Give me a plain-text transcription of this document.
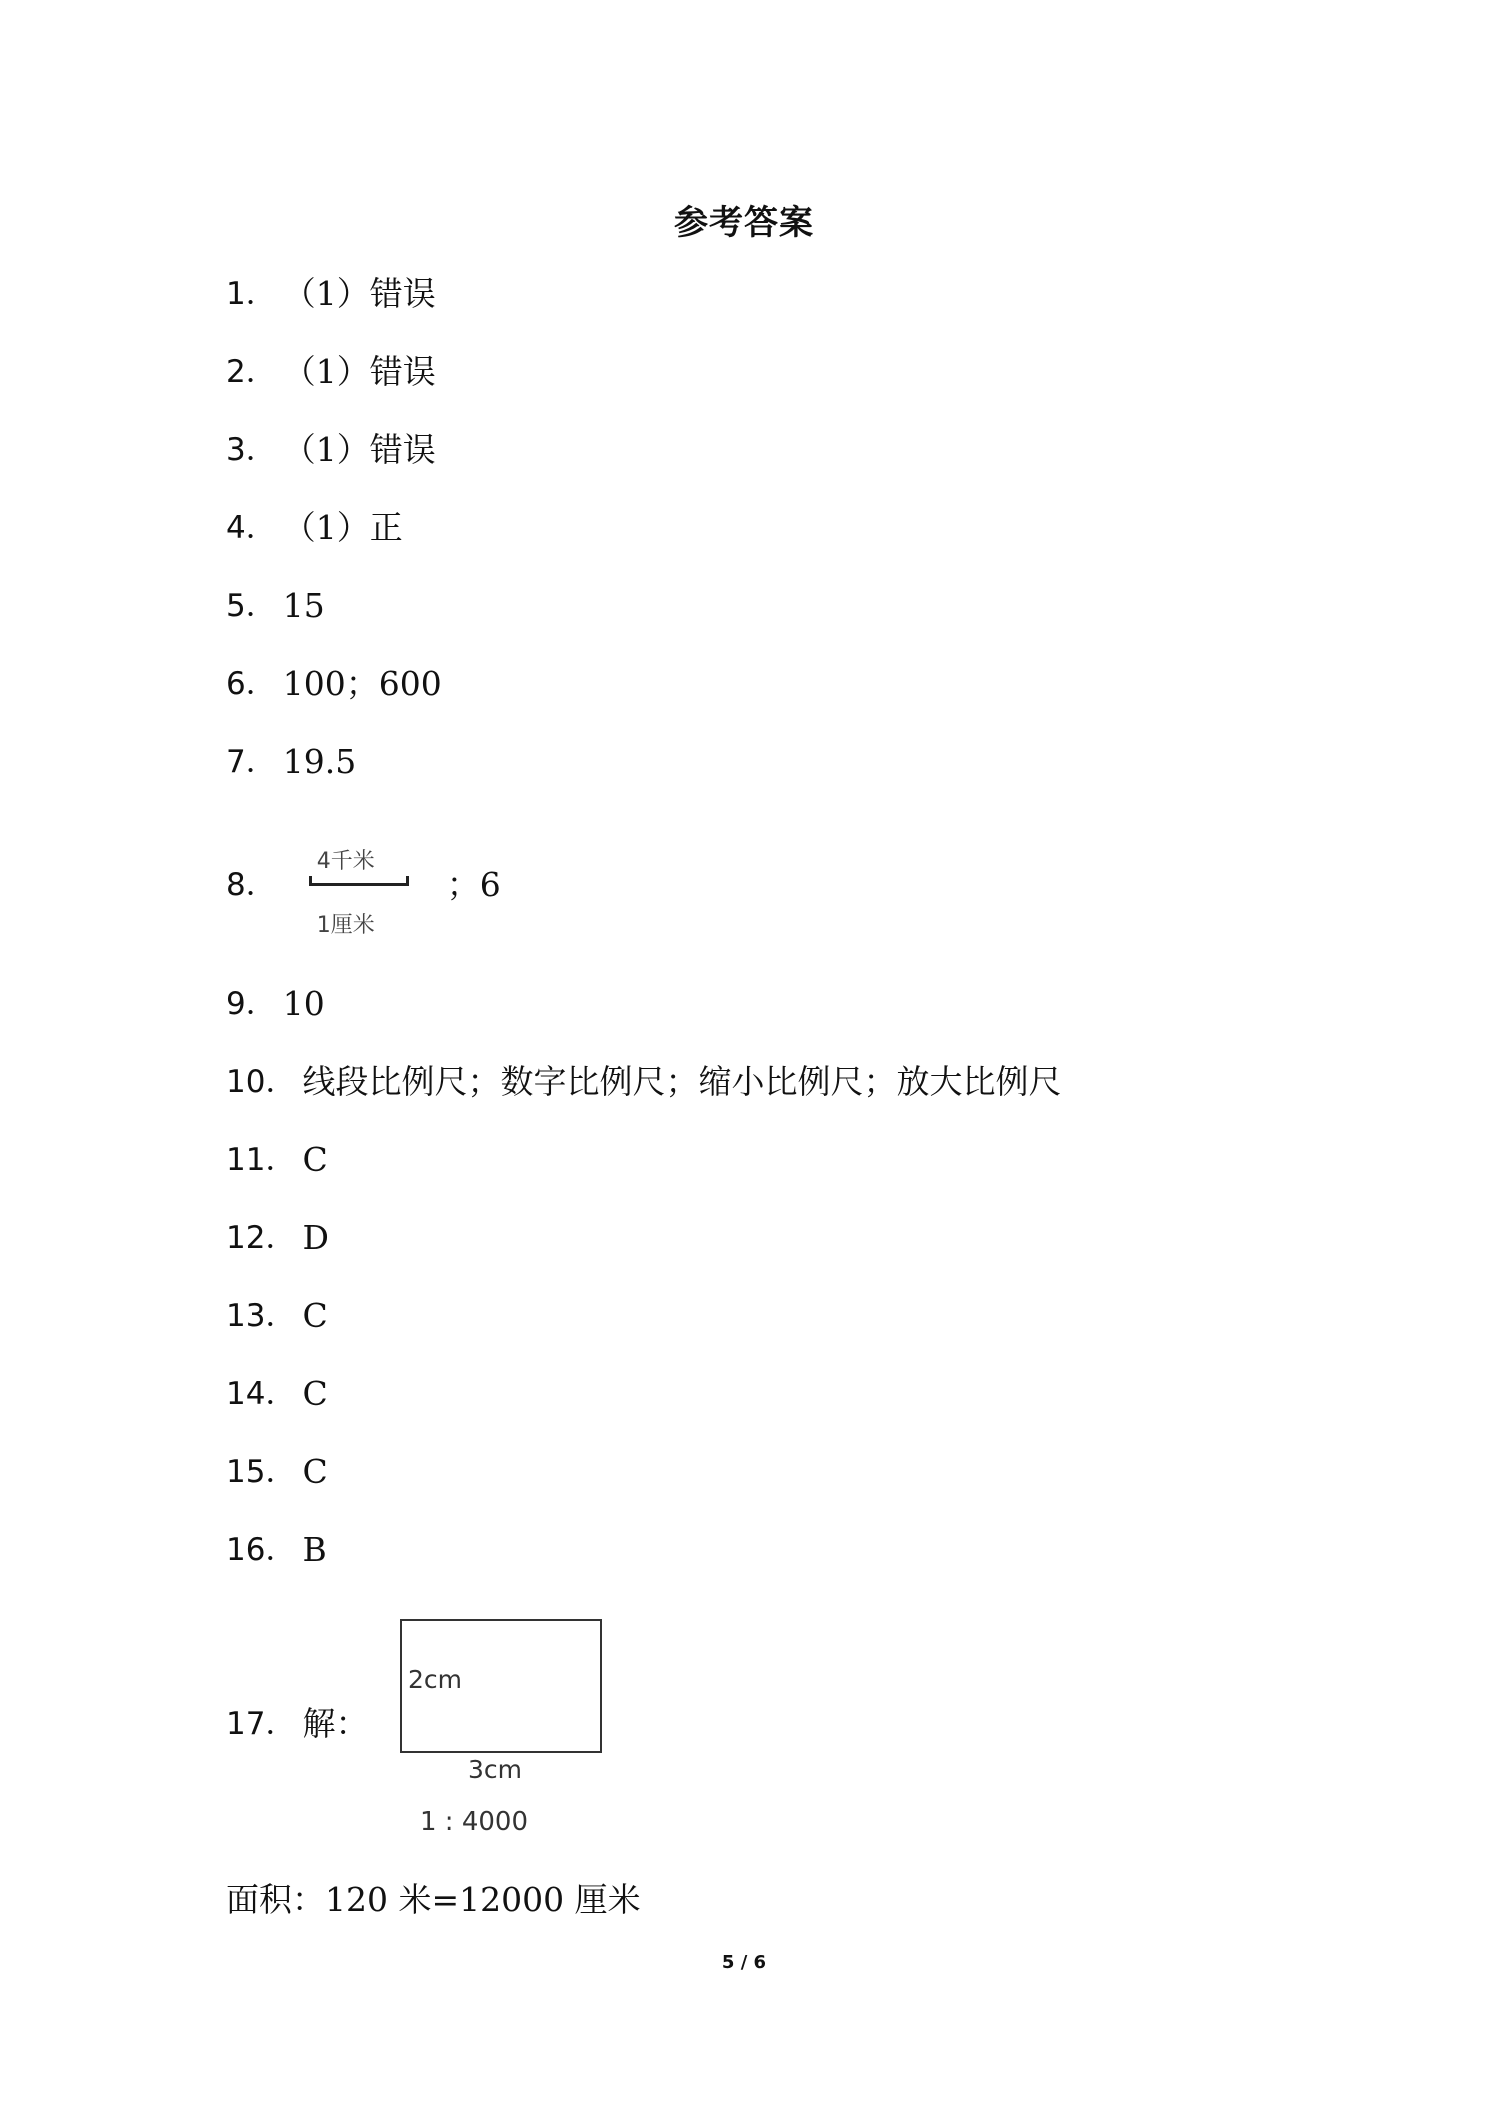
参考答案
1． （1）错误
2． （1）错误
3． （1）错误
4． （1）正
5． 15
6． 100；600
7． 19.5
8．
4千米
1厘米
；6
9． 10
10． 线段比例尺；数字比例尺；缩小比例尺；放大比例尺
11． C
12． D
13． C
14． C
15． C
16． B
17． 解：
2cm
3cm
1 : 4000
面积：120 米=12000 厘米
5 / 6
